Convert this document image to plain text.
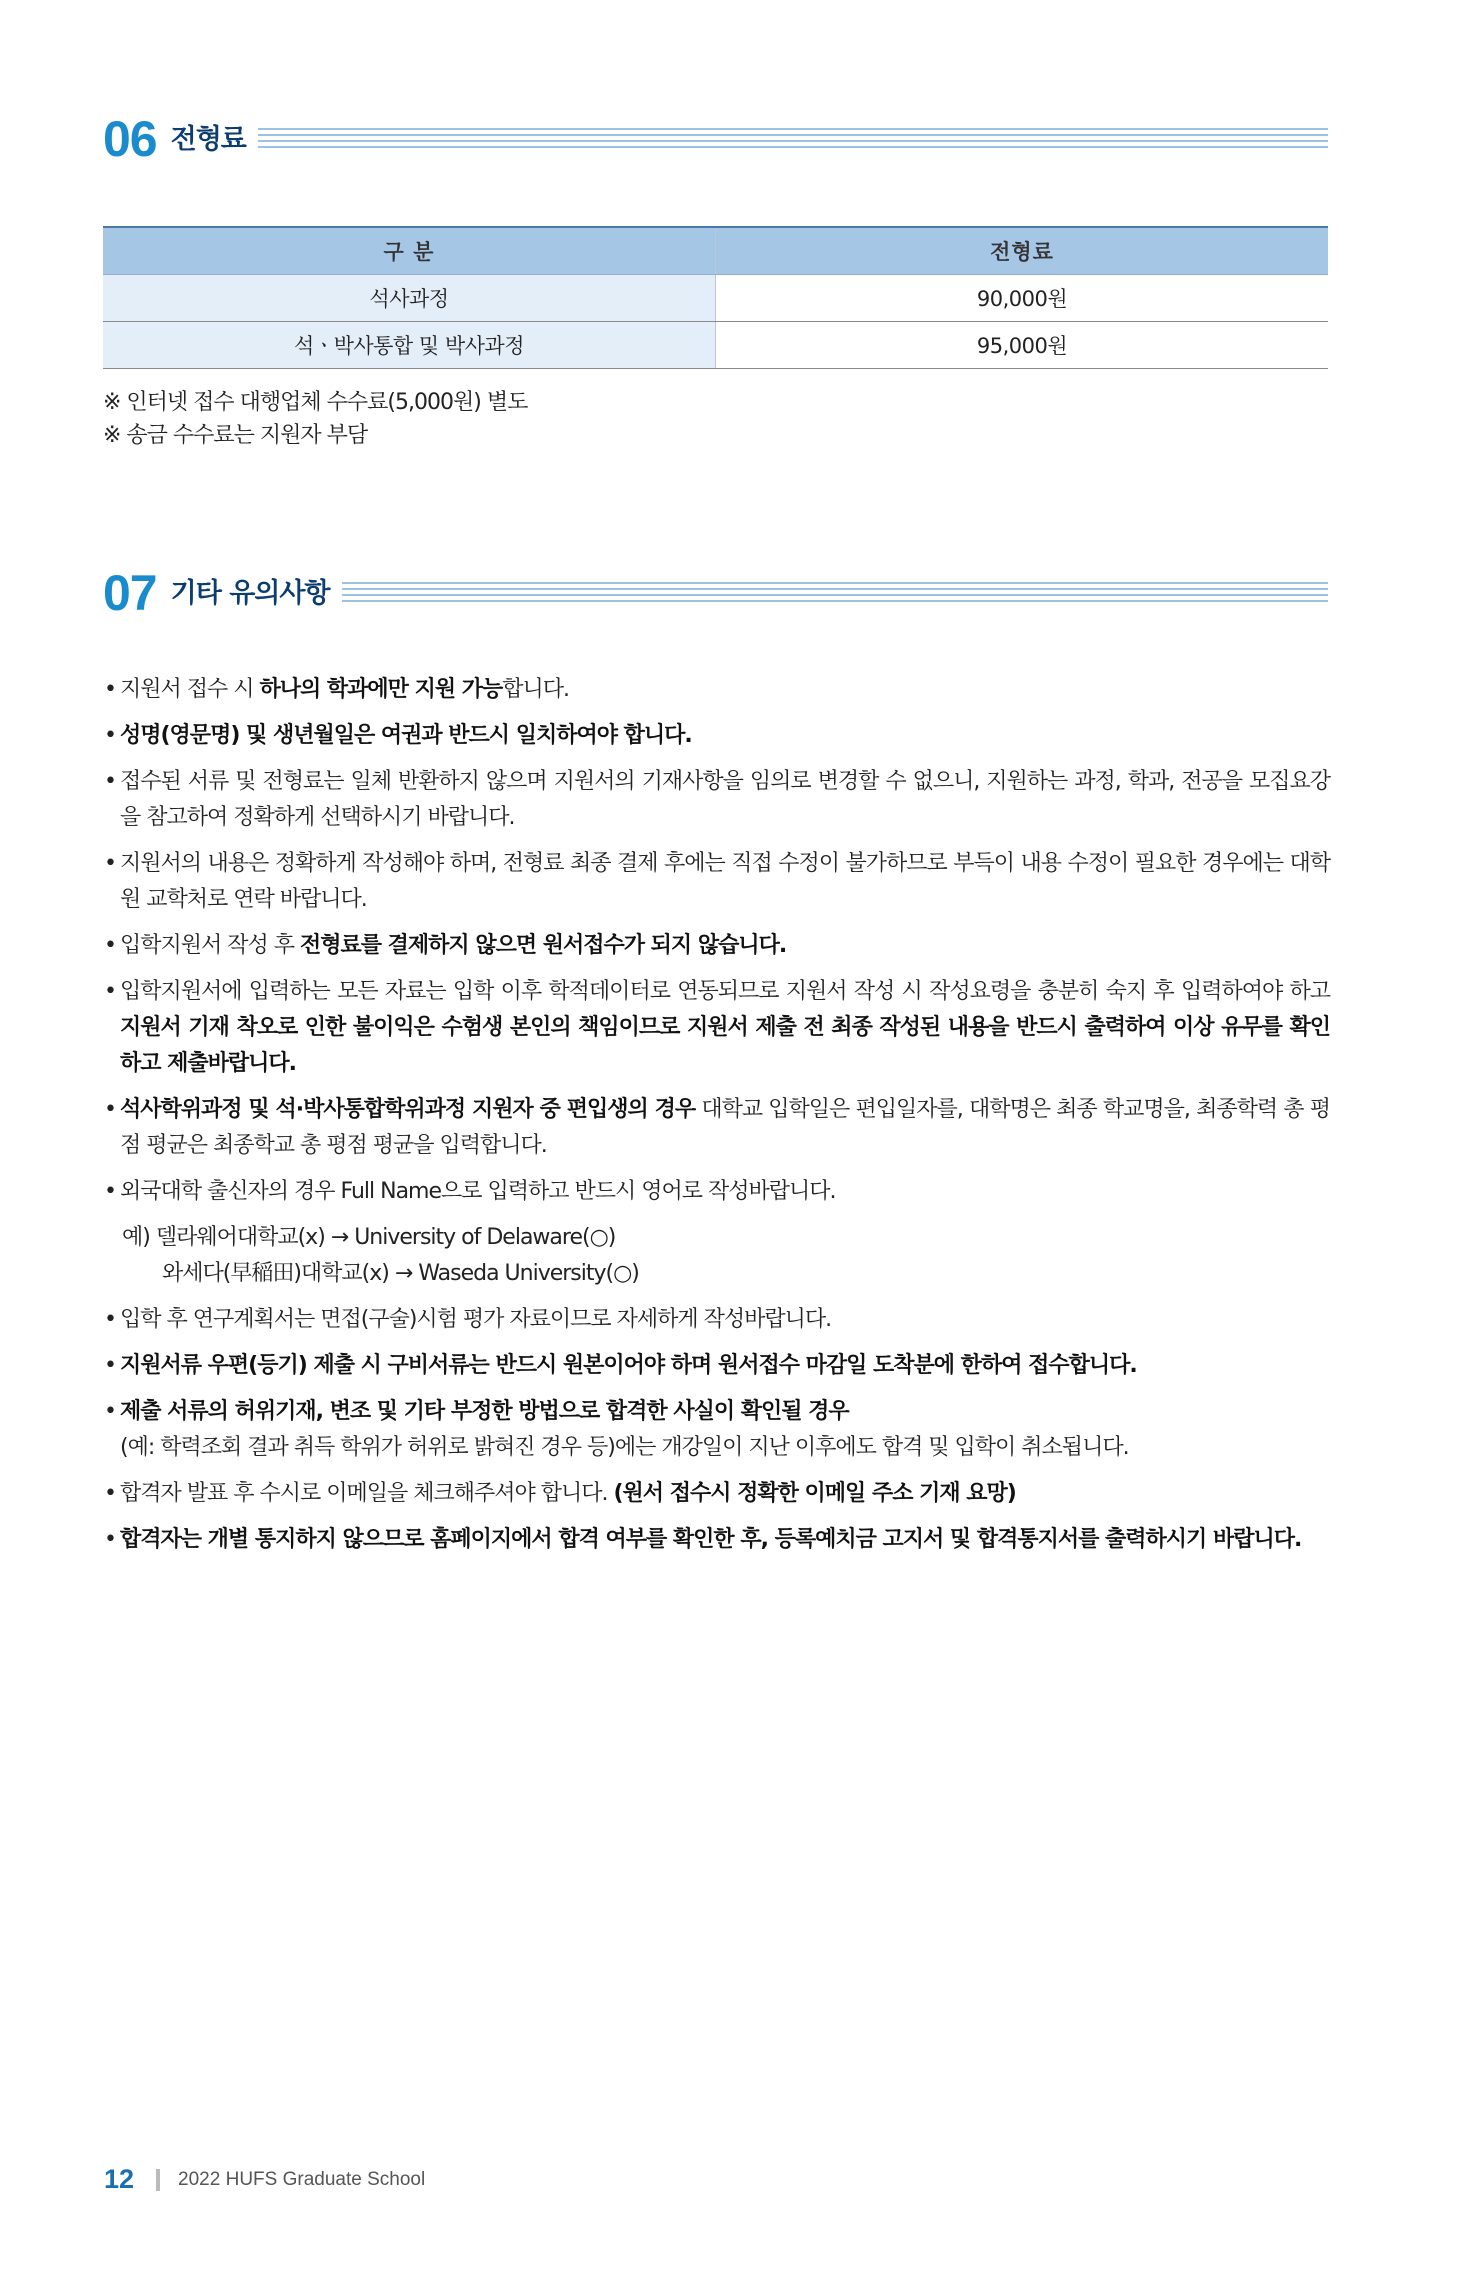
06 전형료
구 분	전형료
석사과정	90,000원
석ㆍ박사통합 및 박사과정	95,000원
※ 인터넷 접수 대행업체 수수료(5,000원) 별도
※ 송금 수수료는 지원자 부담
07 기타 유의사항
• 지원서 접수 시 하나의 학과에만 지원 가능합니다.
• 성명(영문명) 및 생년월일은 여권과 반드시 일치하여야 합니다.
• 접수된 서류 및 전형료는 일체 반환하지 않으며 지원서의 기재사항을 임의로 변경할 수 없으니, 지원하는 과정, 학과, 전공을 모집요강을 참고하여 정확하게 선택하시기 바랍니다.
• 지원서의 내용은 정확하게 작성해야 하며, 전형료 최종 결제 후에는 직접 수정이 불가하므로 부득이 내용 수정이 필요한 경우에는 대학원 교학처로 연락 바랍니다.
• 입학지원서 작성 후 전형료를 결제하지 않으면 원서접수가 되지 않습니다.
• 입학지원서에 입력하는 모든 자료는 입학 이후 학적데이터로 연동되므로 지원서 작성 시 작성요령을 충분히 숙지 후 입력하여야 하고 지원서 기재 착오로 인한 불이익은 수험생 본인의 책임이므로 지원서 제출 전 최종 작성된 내용을 반드시 출력하여 이상 유무를 확인하고 제출바랍니다.
• 석사학위과정 및 석·박사통합학위과정 지원자 중 편입생의 경우 대학교 입학일은 편입일자를, 대학명은 최종 학교명을, 최종학력 총 평점 평균은 최종학교 총 평점 평균을 입력합니다.
• 외국대학 출신자의 경우 Full Name으로 입력하고 반드시 영어로 작성바랍니다.
예) 델라웨어대학교(x) → University of Delaware(○)
와세다(早稲田)대학교(x) → Waseda University(○)
• 입학 후 연구계획서는 면접(구술)시험 평가 자료이므로 자세하게 작성바랍니다.
• 지원서류 우편(등기) 제출 시 구비서류는 반드시 원본이어야 하며 원서접수 마감일 도착분에 한하여 접수합니다.
• 제출 서류의 허위기재, 변조 및 기타 부정한 방법으로 합격한 사실이 확인될 경우
(예: 학력조회 결과 취득 학위가 허위로 밝혀진 경우 등)에는 개강일이 지난 이후에도 합격 및 입학이 취소됩니다.
• 합격자 발표 후 수시로 이메일을 체크해주셔야 합니다. (원서 접수시 정확한 이메일 주소 기재 요망)
• 합격자는 개별 통지하지 않으므로 홈페이지에서 합격 여부를 확인한 후, 등록예치금 고지서 및 합격통지서를 출력하시기 바랍니다.
12 2022 HUFS Graduate School
